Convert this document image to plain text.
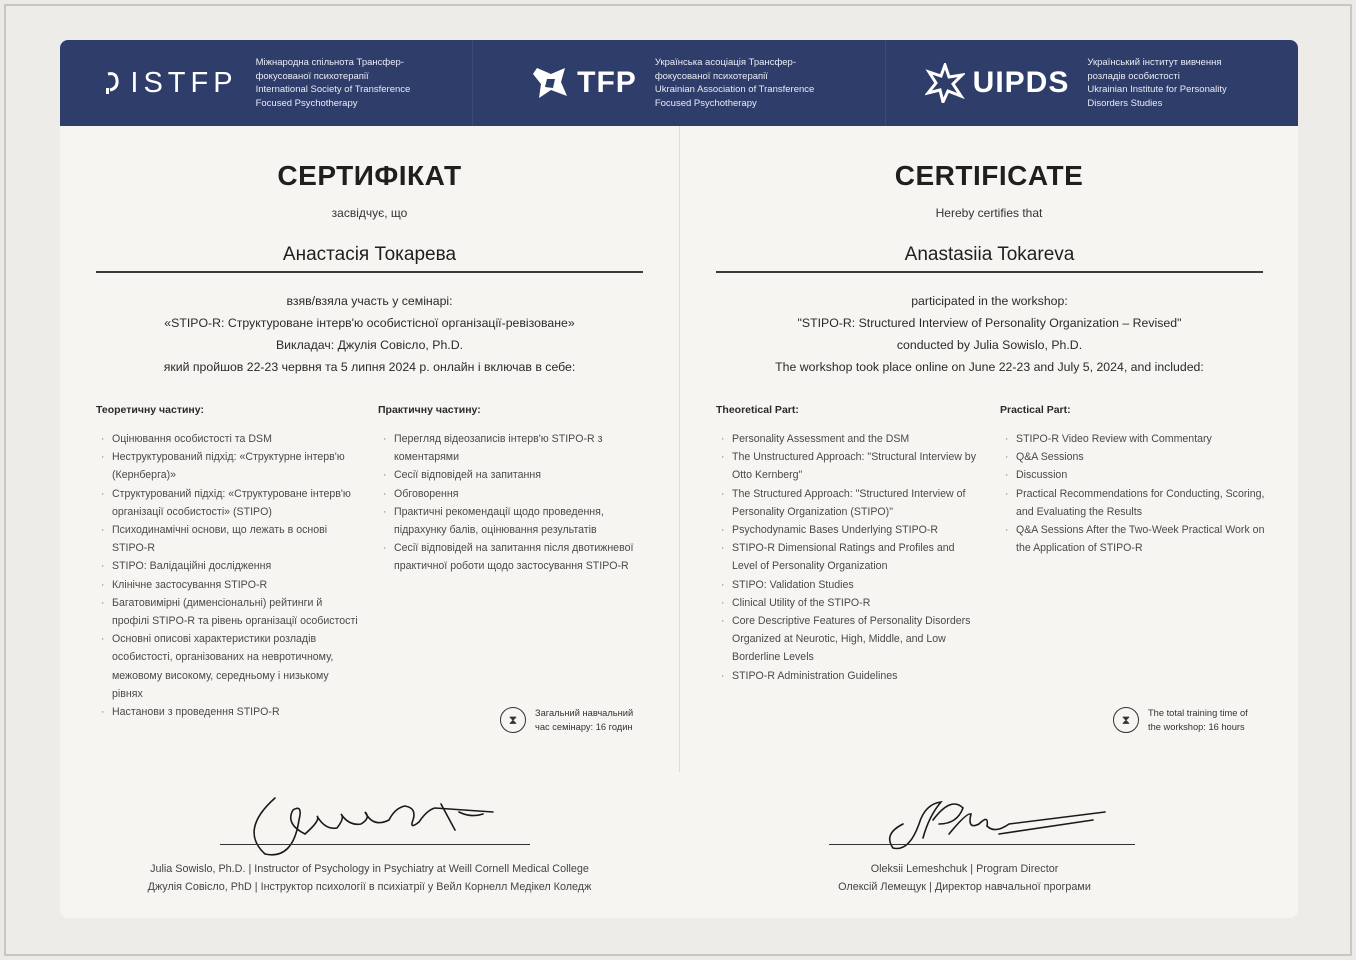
ISTFP
Міжнародна спільнота Трансфер-
фокусованої психотерапії
International Society of Transference
Focused Psychotherapy
TFP
Українська асоціація Трансфер-
фокусованої психотерапії
Ukrainian Association of Transference
Focused Psychotherapy
UIPDS
Український інститут вивчення
розладів особистості
Ukrainian Institute for Personality
Disorders Studies
СЕРТИФІКАТ
засвідчує, що
Анастасія Токарева
взяв/взяла участь у семінарі:
«STIPO-R: Структуроване інтерв'ю особистісної організації-ревізоване»
Викладач: Джулія Совісло, Ph.D.
який пройшов 22-23 червня та 5 липня 2024 р. онлайн і включав в себе:
Теоретичну частину:
· Оцінювання особистості та DSM
· Неструктурований підхід: «Структурне інтерв'ю (Кернберга)»
· Структурований підхід: «Структуроване інтерв'ю організації особистості» (STIPO)
· Психодинамічні основи, що лежать в основі STIPO-R
· STIPO: Валідаційні дослідження
· Клінічне застосування STIPO-R
· Багатовимірні (дименсіональні) рейтинги й профілі STIPO-R та рівень організації особистості
· Основні описові характеристики розладів особистості, організованих на невротичному, межовому високому, середньому і низькому рівнях
· Настанови з проведення STIPO-R
Практичну частину:
· Перегляд відеозаписів інтерв'ю STIPO-R з коментарями
· Сесії відповідей на запитання
· Обговорення
· Практичні рекомендації щодо проведення, підрахунку балів, оцінювання результатів
· Сесії відповідей на запитання після двотижневої практичної роботи щодо застосування STIPO-R
⧗	Загальний навчальний час семінару: 16 годин
CERTIFICATE
Hereby certifies that
Anastasiia Tokareva
participated in the workshop:
"STIPO-R: Structured Interview of Personality Organization – Revised"
conducted by Julia Sowislo, Ph.D.
The workshop took place online on June 22-23 and July 5, 2024, and included:
Theoretical Part:
· Personality Assessment and the DSM
· The Unstructured Approach: "Structural Interview by Otto Kernberg"
· The Structured Approach: "Structured Interview of Personality Organization (STIPO)"
· Psychodynamic Bases Underlying STIPO-R
· STIPO-R Dimensional Ratings and Profiles and Level of Personality Organization
· STIPO: Validation Studies
· Clinical Utility of the STIPO-R
· Core Descriptive Features of Personality Disorders Organized at Neurotic, High, Middle, and Low Borderline Levels
· STIPO-R Administration Guidelines
Practical Part:
· STIPO-R Video Review with Commentary
· Q&A Sessions
· Discussion
· Practical Recommendations for Conducting, Scoring, and Evaluating the Results
· Q&A Sessions After the Two-Week Practical Work on the Application of STIPO-R
⧗	The total training time of the workshop: 16 hours
Julia Sowislo, Ph.D. | Instructor of Psychology in Psychiatry at Weill Cornell Medical College
Джулія Совісло, PhD | Інструктор психології в психіатрії у Вейл Корнелл Медікел Коледж
Oleksii Lemeshchuk | Program Director
Олексій Лемещук | Директор навчальної програми
